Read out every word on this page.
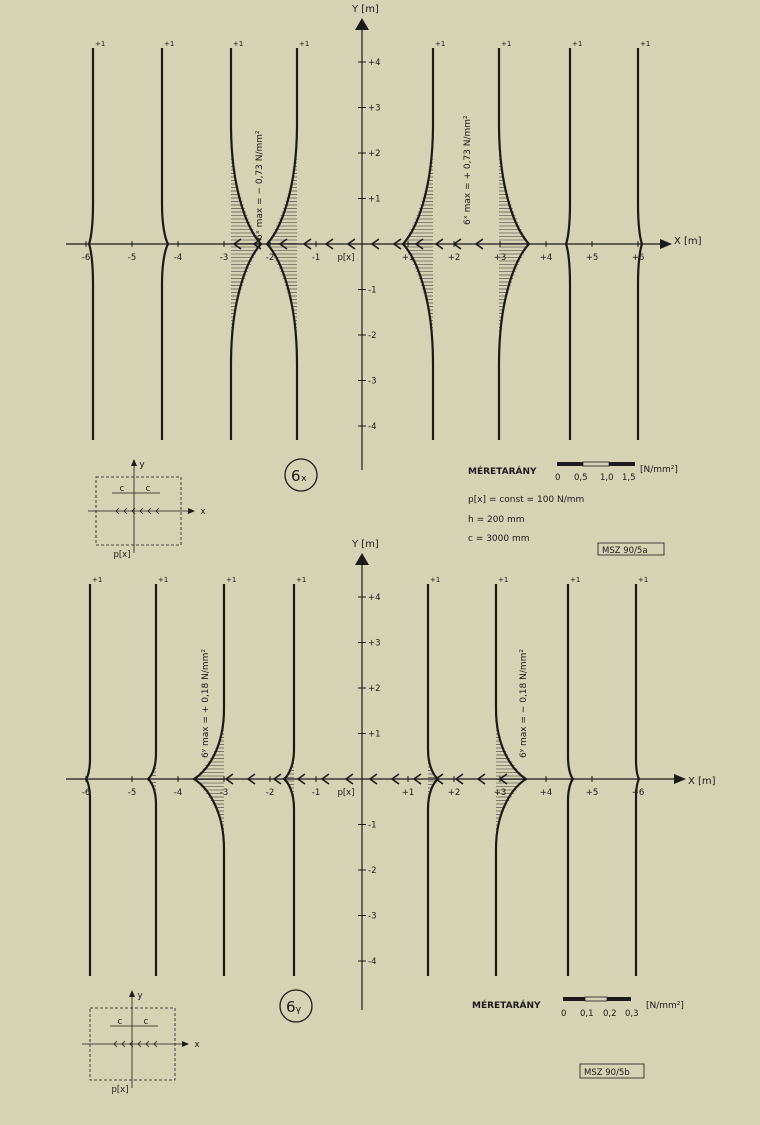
+1	+1	+1	+1	+1	+1	+1	+1
-6	-5	-4	-3	-2	-1 p[x]	+1	+2	+3	+4	+5	+6
+4
+3
+2
+1
-1
-2
-3
-4
Y [m]
X [m]
6ˣ max = − 0,73 N/mm²	6ˣ max = + 0,73 N/mm²
6ₓ	MÉRETARÁNY
0 0,5 1,0 1,5
[N/mm²]
p[x] = const = 100 N/mm
h = 200 mm
c = 3000 mm
MSZ 90/5a
y
x
c	c
p[x]
+1	+1	+1	+1	+1	+1	+1	+1
-6	-5	-4	-3	-2	-1 p[x]	+1	+2	+3	+4	+5	+6
+4
+3
+2
+1
-1
-2
-3
-4
Y [m]
X [m]
6ʸ max = + 0,18 N/mm²	6ʸ max = − 0,18 N/mm²
6ᵧ	MÉRETARÁNY
0 0,1 0,2 0,3
[N/mm²]
MSZ 90/5b
y
x
c	c
p[x]
